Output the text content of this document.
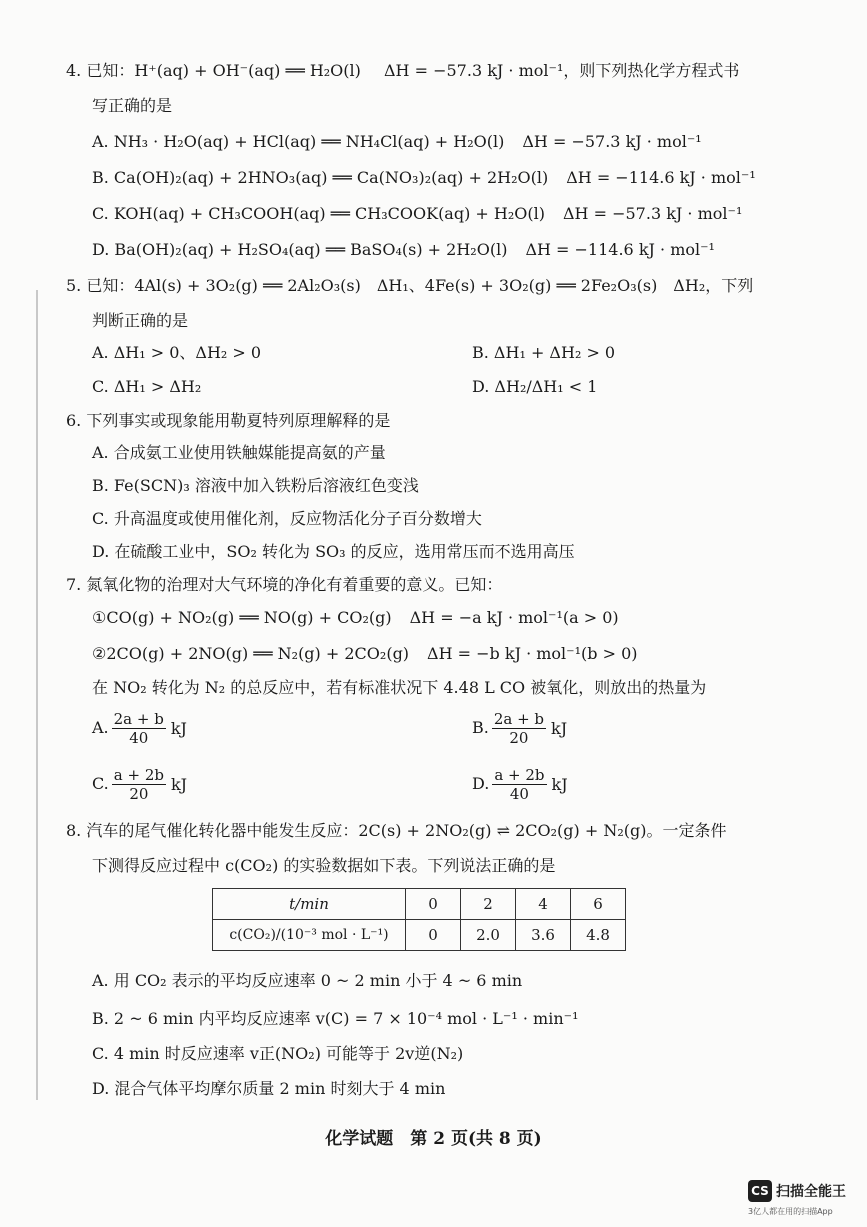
4. 已知：H⁺(aq) + OH⁻(aq) ══ H₂O(l) ΔH = −57.3 kJ · mol⁻¹，则下列热化学方程式书
写正确的是
A. NH₃ · H₂O(aq) + HCl(aq) ══ NH₄Cl(aq) + H₂O(l) ΔH = −57.3 kJ · mol⁻¹
B. Ca(OH)₂(aq) + 2HNO₃(aq) ══ Ca(NO₃)₂(aq) + 2H₂O(l) ΔH = −114.6 kJ · mol⁻¹
C. KOH(aq) + CH₃COOH(aq) ══ CH₃COOK(aq) + H₂O(l) ΔH = −57.3 kJ · mol⁻¹
D. Ba(OH)₂(aq) + H₂SO₄(aq) ══ BaSO₄(s) + 2H₂O(l) ΔH = −114.6 kJ · mol⁻¹
5. 已知：4Al(s) + 3O₂(g) ══ 2Al₂O₃(s)　ΔH₁、4Fe(s) + 3O₂(g) ══ 2Fe₂O₃(s)　ΔH₂，下列
判断正确的是
A. ΔH₁ > 0、ΔH₂ > 0	B. ΔH₁ + ΔH₂ > 0
C. ΔH₁ > ΔH₂	D. ΔH₂/ΔH₁ < 1
6. 下列事实或现象能用勒夏特列原理解释的是
A. 合成氨工业使用铁触媒能提高氨的产量
B. Fe(SCN)₃ 溶液中加入铁粉后溶液红色变浅
C. 升高温度或使用催化剂，反应物活化分子百分数增大
D. 在硫酸工业中，SO₂ 转化为 SO₃ 的反应，选用常压而不选用高压
7. 氮氧化物的治理对大气环境的净化有着重要的意义。已知：
①CO(g) + NO₂(g) ══ NO(g) + CO₂(g) ΔH = −a kJ · mol⁻¹(a > 0)
②2CO(g) + 2NO(g) ══ N₂(g) + 2CO₂(g) ΔH = −b kJ · mol⁻¹(b > 0)
在 NO₂ 转化为 N₂ 的总反应中，若有标准状况下 4.48 L CO 被氧化，则放出的热量为
A. $\frac{2a + b}{40}$ kJ	B. $\frac{2a + b}{20}$ kJ
C. $\frac{a + 2b}{20}$ kJ	D. $\frac{a + 2b}{40}$ kJ
8. 汽车的尾气催化转化器中能发生反应：2C(s) + 2NO₂(g) ⇌ 2CO₂(g) + N₂(g)。一定条件
下测得反应过程中 c(CO₂) 的实验数据如下表。下列说法正确的是
t/min	0	2	4	6
c(CO₂)/(10⁻³ mol · L⁻¹)	0	2.0	3.6	4.8
A. 用 CO₂ 表示的平均反应速率 0 ~ 2 min 小于 4 ~ 6 min
B. 2 ~ 6 min 内平均反应速率 v(C) = 7 × 10⁻⁴ mol · L⁻¹ · min⁻¹
C. 4 min 时反应速率 v正(NO₂) 可能等于 2v逆(N₂)
D. 混合气体平均摩尔质量 2 min 时刻大于 4 min
化学试题　第 2 页(共 8 页)
CS 扫描全能王
3亿人都在用的扫描App
